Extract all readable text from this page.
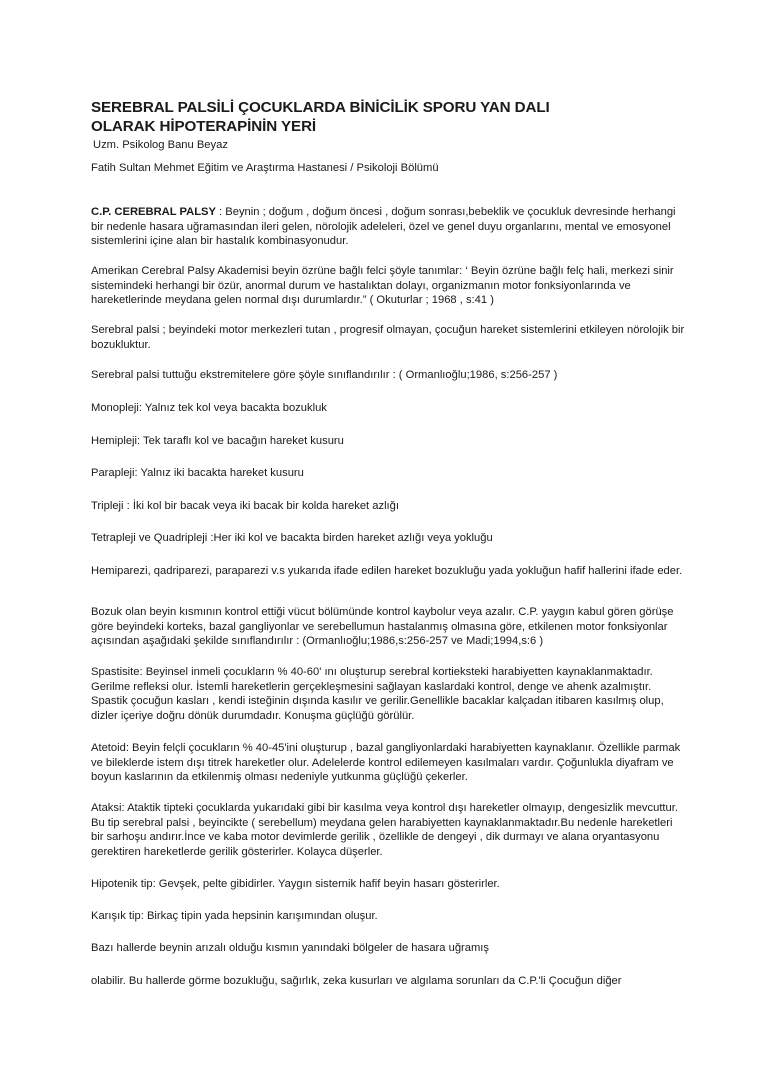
SEREBRAL PALSİLİ ÇOCUKLARDA BİNİCİLİK SPORU YAN DALI
OLARAK HİPOTERAPİNİN YERİ

Uzm. Psikolog Banu Beyaz

Fatih Sultan Mehmet Eğitim ve Araştırma Hastanesi / Psikoloji Bölümü

C.P. CEREBRAL PALSY : Beynin ; doğum , doğum öncesi , doğum sonrası,bebeklik ve çocukluk devresinde herhangi bir nedenle hasara uğramasından ileri gelen, nörolojik adeleleri, özel ve genel duyu organlarını, mental ve emosyonel sistemlerini içine alan bir hastalık kombinasyonudur.

Amerikan Cerebral Palsy Akademisi beyin özrüne bağlı felci şöyle tanımlar: ‘ Beyin özrüne bağlı felç hali, merkezi sinir sistemindeki herhangi bir özür, anormal durum ve hastalıktan dolayı, organizmanın motor fonksiyonlarında ve hareketlerinde meydana gelen normal dışı durumlardır.” ( Okuturlar ; 1968 , s:41 )

Serebral palsi ; beyindeki motor merkezleri tutan , progresif olmayan, çocuğun hareket sistemlerini etkileyen nörolojik bir bozukluktur.

Serebral palsi tuttuğu ekstremitelere göre şöyle sınıflandırılır : ( Ormanlıoğlu;1986, s:256-257 )

Monopleji: Yalnız tek kol veya bacakta bozukluk

Hemipleji: Tek taraflı kol ve bacağın hareket kusuru

Parapleji: Yalnız iki bacakta hareket kusuru

Tripleji : İki kol bir bacak veya iki bacak bir kolda hareket azlığı

Tetrapleji ve Quadripleji :Her iki kol ve bacakta birden hareket azlığı veya yokluğu

Hemiparezi, qadriparezi, paraparezi v.s yukarıda ifade edilen hareket bozukluğu yada yokluğun hafif hallerini ifade eder.

Bozuk olan beyin kısmının kontrol ettiği vücut bölümünde kontrol kaybolur veya azalır. C.P. yaygın kabul gören görüşe göre beyindeki korteks, bazal gangliyonlar ve serebellumun hastalanmış olmasına göre, etkilenen motor fonksiyonlar açısından aşağıdaki şekilde sınıflandırılır : (Ormanlıoğlu;1986,s:256-257 ve Madi;1994,s:6 )

Spastisite: Beyinsel inmeli çocukların % 40-60' ını oluşturup serebral kortieksteki harabiyetten kaynaklanmaktadır. Gerilme refleksi olur. İstemli hareketlerin gerçekleşmesini sağlayan kaslardaki kontrol, denge ve ahenk azalmıştır. Spastik çocuğun kasları , kendi isteğinin dışında kasılır ve gerilir.Genellikle bacaklar kalçadan itibaren kasılmış olup, dizler içeriye doğru dönük durumdadır. Konuşma güçlüğü görülür.

Atetoid: Beyin felçli çocukların % 40-45'ini oluşturup , bazal gangliyonlardaki harabiyetten kaynaklanır. Özellikle parmak ve bileklerde istem dışı titrek hareketler olur. Adelelerde kontrol edilemeyen kasılmaları vardır. Çoğunlukla diyafram ve boyun kaslarının da etkilenmiş olması nedeniyle yutkunma güçlüğü çekerler.

Ataksi: Ataktik tipteki çocuklarda yukarıdaki gibi bir kasılma veya kontrol dışı hareketler olmayıp, dengesizlik mevcuttur. Bu tip serebral palsi , beyincikte ( serebellum) meydana gelen harabiyetten kaynaklanmaktadır.Bu nedenle hareketleri bir sarhoşu andırır.İnce ve kaba motor devimlerde gerilik , özellikle de dengeyi , dik durmayı ve alana oryantasyonu gerektiren hareketlerde gerilik gösterirler. Kolayca düşerler.

Hipotenik tip: Gevşek, pelte gibidirler. Yaygın sisternik hafif beyin hasarı gösterirler.

Karışık tip: Birkaç tipin yada hepsinin karışımından oluşur.

Bazı hallerde beynin arızalı olduğu kısmın yanındaki bölgeler de hasara uğramış

olabilir. Bu hallerde görme bozukluğu, sağırlık, zeka kusurları ve algılama sorunları da C.P.'li Çocuğun diğer
